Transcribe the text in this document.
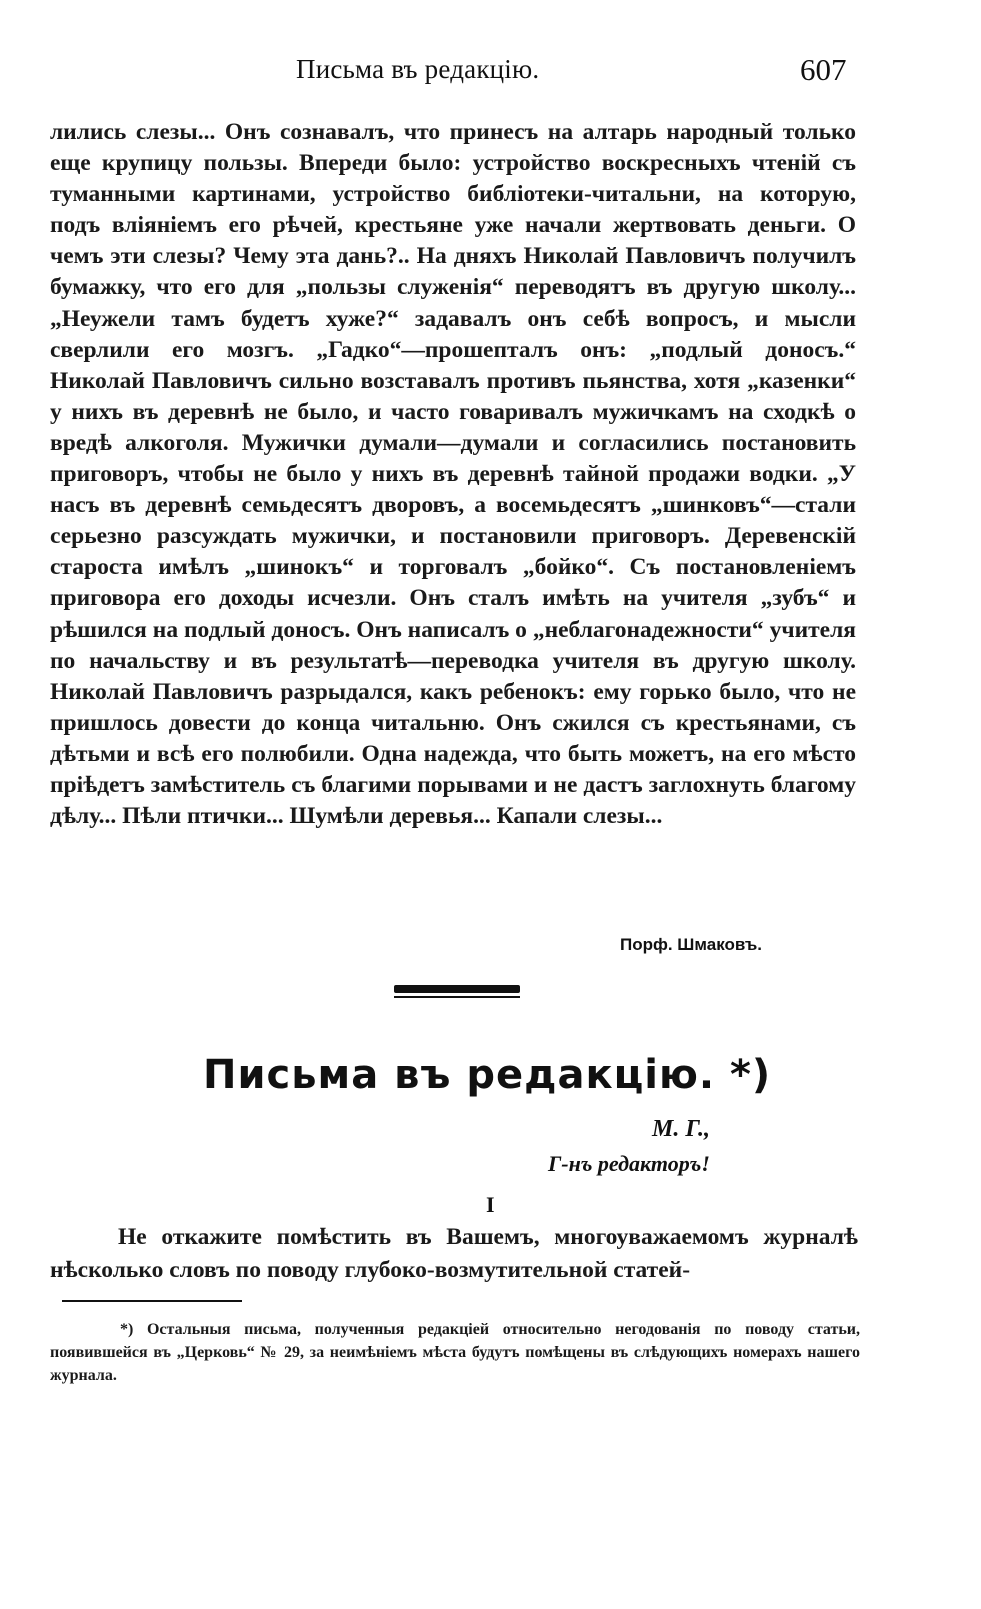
Письма въ редакцію.	607

лились слезы... Онъ сознавалъ, что принесъ на алтарь народный только еще крупицу пользы. Впереди было: устройство воскресныхъ чтеній съ туманными картинами, устройство библіотеки-читальни, на которую, подъ вліяніемъ его рѣчей, крестьяне уже начали жертвовать деньги. О чемъ эти слезы? Чему эта дань?.. На дняхъ Николай Павловичъ получилъ бумажку, что его для „пользы служенія“ переводятъ въ другую школу... „Неужели тамъ будетъ хуже?“ задавалъ онъ себѣ вопросъ, и мысли сверлили его мозгъ. „Гадко“—прошепталъ онъ: „подлый доносъ.“ Николай Павловичъ сильно возставалъ противъ пьянства, хотя „казенки“ у нихъ въ деревнѣ не было, и часто говаривалъ мужичкамъ на сходкѣ о вредѣ алкоголя. Мужички думали—думали и согласились постановить приговоръ, чтобы не было у нихъ въ деревнѣ тайной продажи водки. „У насъ въ деревнѣ семьдесятъ дворовъ, а восемьдесятъ „шинковъ“—стали серьезно разсуждать мужички, и постановили приговоръ. Деревенскій староста имѣлъ „шинокъ“ и торговалъ „бойко“. Съ постановленіемъ приговора его доходы исчезли. Онъ сталъ имѣть на учителя „зубъ“ и рѣшился на подлый доносъ. Онъ написалъ о „неблагонадежности“ учителя по начальству и въ результатѣ—переводка учителя въ другую школу. Николай Павловичъ разрыдался, какъ ребенокъ: ему горько было, что не пришлось довести до конца читальню. Онъ сжился съ крестьянами, съ дѣтьми и всѣ его полюбили. Одна надежда, что быть можетъ, на его мѣсто пріѣдетъ замѣститель съ благими порывами и не дастъ заглохнуть благому дѣлу... Пѣли птички... Шумѣли деревья... Капали слезы...

Порф. Шмаковъ.
Письма въ редакцію. *)
М. Г.,
Г-нъ редакторъ!
I

Не откажите помѣстить въ Вашемъ, многоуважаемомъ журналѣ нѣсколько словъ по поводу глубоко-возмутительной статей-

*) Остальныя письма, полученныя редакціей относительно негодованія по поводу статьи, появившейся въ „Церковь“ № 29, за неимѣніемъ мѣста будутъ помѣщены въ слѣдующихъ номерахъ нашего журнала.
